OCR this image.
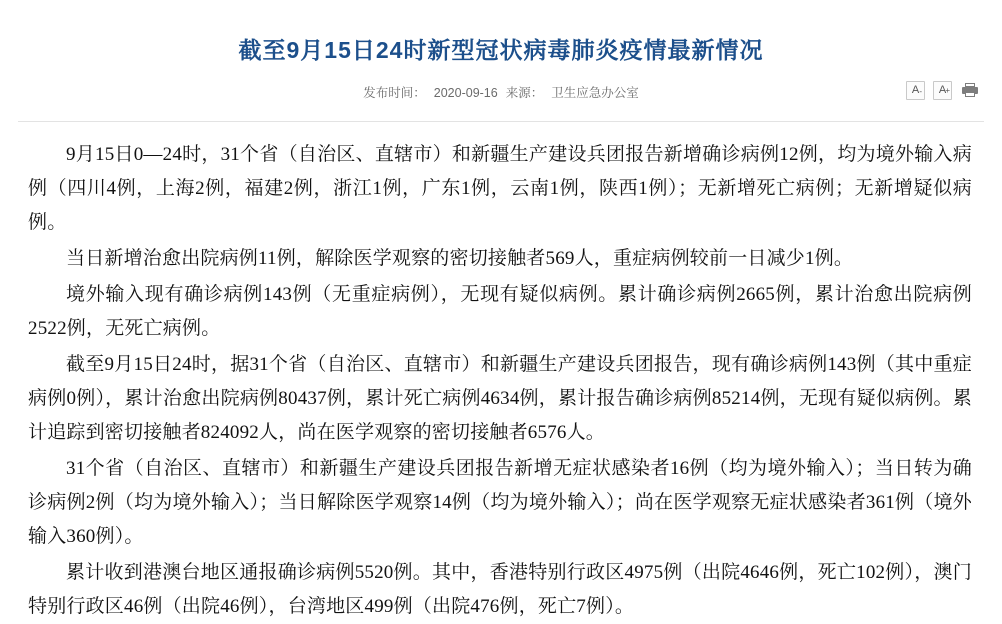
截至9月15日24时新型冠状病毒肺炎疫情最新情况
发布时间： 2020-09-16 来源： 卫生应急办公室	A -	A +

9月15日0—24时，31个省（自治区、直辖市）和新疆生产建设兵团报告新增确诊病例12例，均为境外输入病例（四川4例，上海2例，福建2例，浙江1例，广东1例，云南1例，陕西1例）；无新增死亡病例；无新增疑似病例。

当日新增治愈出院病例11例，解除医学观察的密切接触者569人，重症病例较前一日减少1例。

境外输入现有确诊病例143例（无重症病例），无现有疑似病例。累计确诊病例2665例，累计治愈出院病例2522例，无死亡病例。

截至9月15日24时，据31个省（自治区、直辖市）和新疆生产建设兵团报告，现有确诊病例143例（其中重症病例0例），累计治愈出院病例80437例，累计死亡病例4634例，累计报告确诊病例85214例，无现有疑似病例。累计追踪到密切接触者824092人，尚在医学观察的密切接触者6576人。

31个省（自治区、直辖市）和新疆生产建设兵团报告新增无症状感染者16例（均为境外输入）；当日转为确诊病例2例（均为境外输入）；当日解除医学观察14例（均为境外输入）；尚在医学观察无症状感染者361例（境外输入360例）。

累计收到港澳台地区通报确诊病例5520例。其中，香港特别行政区4975例（出院4646例，死亡102例），澳门特别行政区46例（出院46例），台湾地区499例（出院476例，死亡7例）。
